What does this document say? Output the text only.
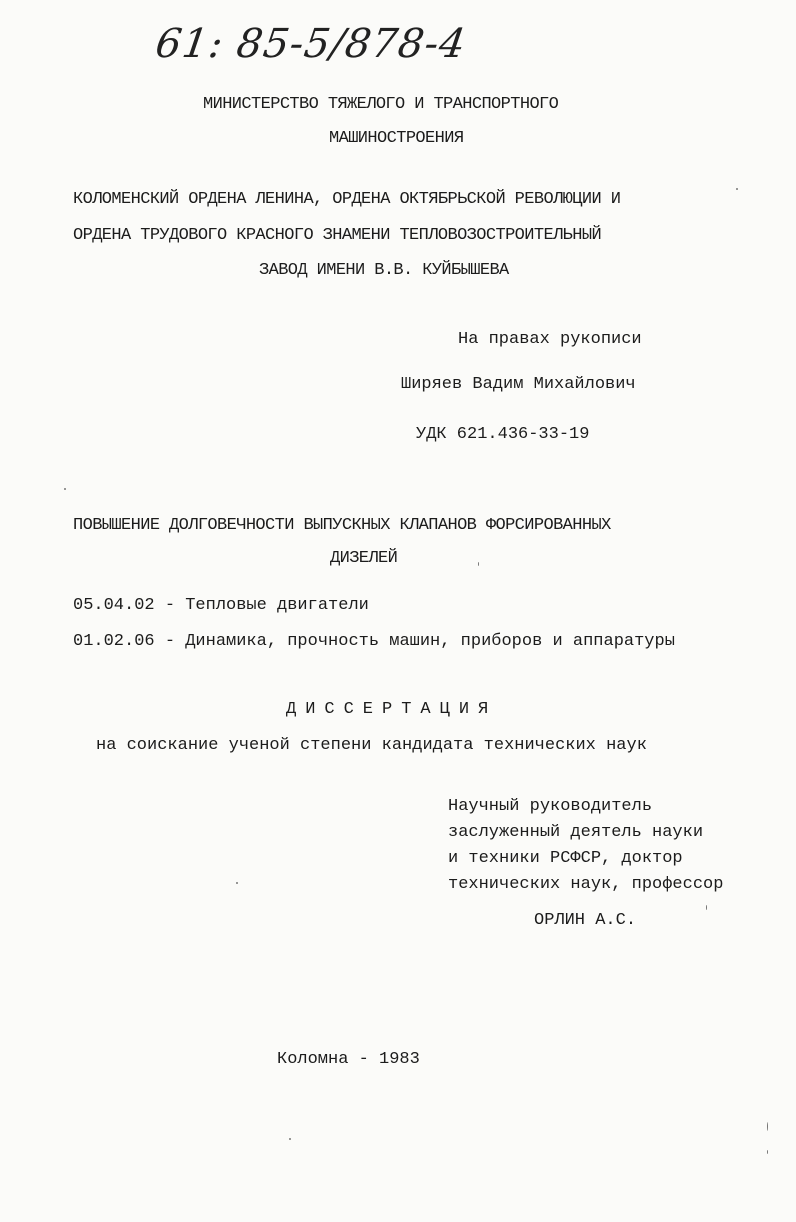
61: 85-5/878-4
МИНИСТЕРСТВО ТЯЖЕЛОГО И ТРАНСПОРТНОГО
МАШИНОСТРОЕНИЯ
КОЛОМЕНСКИЙ ОРДЕНА ЛЕНИНА, ОРДЕНА ОКТЯБРЬСКОЙ РЕВОЛЮЦИИ И
ОРДЕНА ТРУДОВОГО КРАСНОГО ЗНАМЕНИ ТЕПЛОВОЗОСТРОИТЕЛЬНЫЙ
ЗАВОД ИМЕНИ В.В. КУЙБЫШЕВА
На правах рукописи
Ширяев Вадим Михайлович
УДК 621.436-33-19
ПОВЫШЕНИЕ ДОЛГОВЕЧНОСТИ ВЫПУСКНЫХ КЛАПАНОВ ФОРСИРОВАННЫХ
ДИЗЕЛЕЙ
05.04.02 - Тепловые двигатели
01.02.06 - Динамика, прочность машин, приборов и аппаратуры
ДИССЕРТАЦИЯ
на соискание ученой степени кандидата технических наук
Научный руководитель
заслуженный деятель науки
и техники РСФСР, доктор
технических наук, профессор
ОРЛИН А.С.
Коломна - 1983
